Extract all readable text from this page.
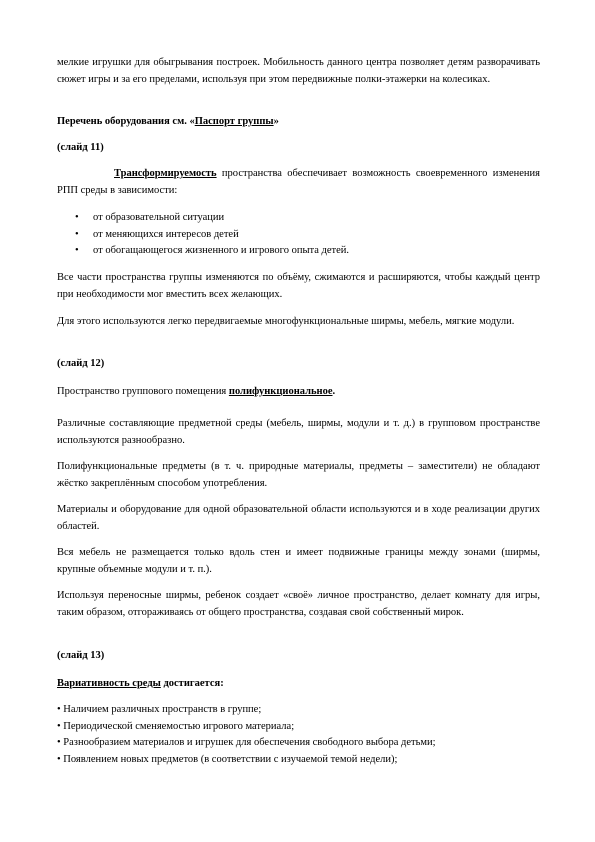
мелкие игрушки для обыгрывания построек. Мобильность данного центра позволяет детям разворачивать сюжет игры и за его пределами, используя при этом передвижные полки-этажерки на колесиках.

Перечень оборудования см. «Паспорт группы»

(слайд 11)

Трансформируемость пространства обеспечивает возможность своевременного изменения РПП среды в зависимости:

• от образовательной ситуации
• от меняющихся интересов детей
• от обогащающегося жизненного и игрового опыта детей.

Все части пространства группы изменяются по объёму, сжимаются и расширяются, чтобы каждый центр при необходимости мог вместить всех желающих.

Для этого используются легко передвигаемые многофункциональные ширмы, мебель, мягкие модули.

(слайд 12)

Пространство группового помещения полифункциональное.

Различные составляющие предметной среды (мебель, ширмы, модули и т. д.) в групповом пространстве используются разнообразно.

Полифункциональные предметы (в т. ч. природные материалы, предметы – заместители) не обладают жёстко закреплённым способом употребления.

Материалы и оборудование для одной образовательной области используются и в ходе реализации других областей.

Вся мебель не размещается только вдоль стен и имеет подвижные границы между зонами (ширмы, крупные объемные модули и т. п.).

Используя переносные ширмы, ребенок создает «своё» личное пространство, делает комнату для игры, таким образом, отгораживаясь от общего пространства, создавая свой собственный мирок.

(слайд 13)

Вариативность среды достигается:

• Наличием различных пространств в группе;
• Периодической сменяемостью игрового материала;
• Разнообразием материалов и игрушек для обеспечения свободного выбора детьми;
• Появлением новых предметов (в соответствии с изучаемой темой недели);
